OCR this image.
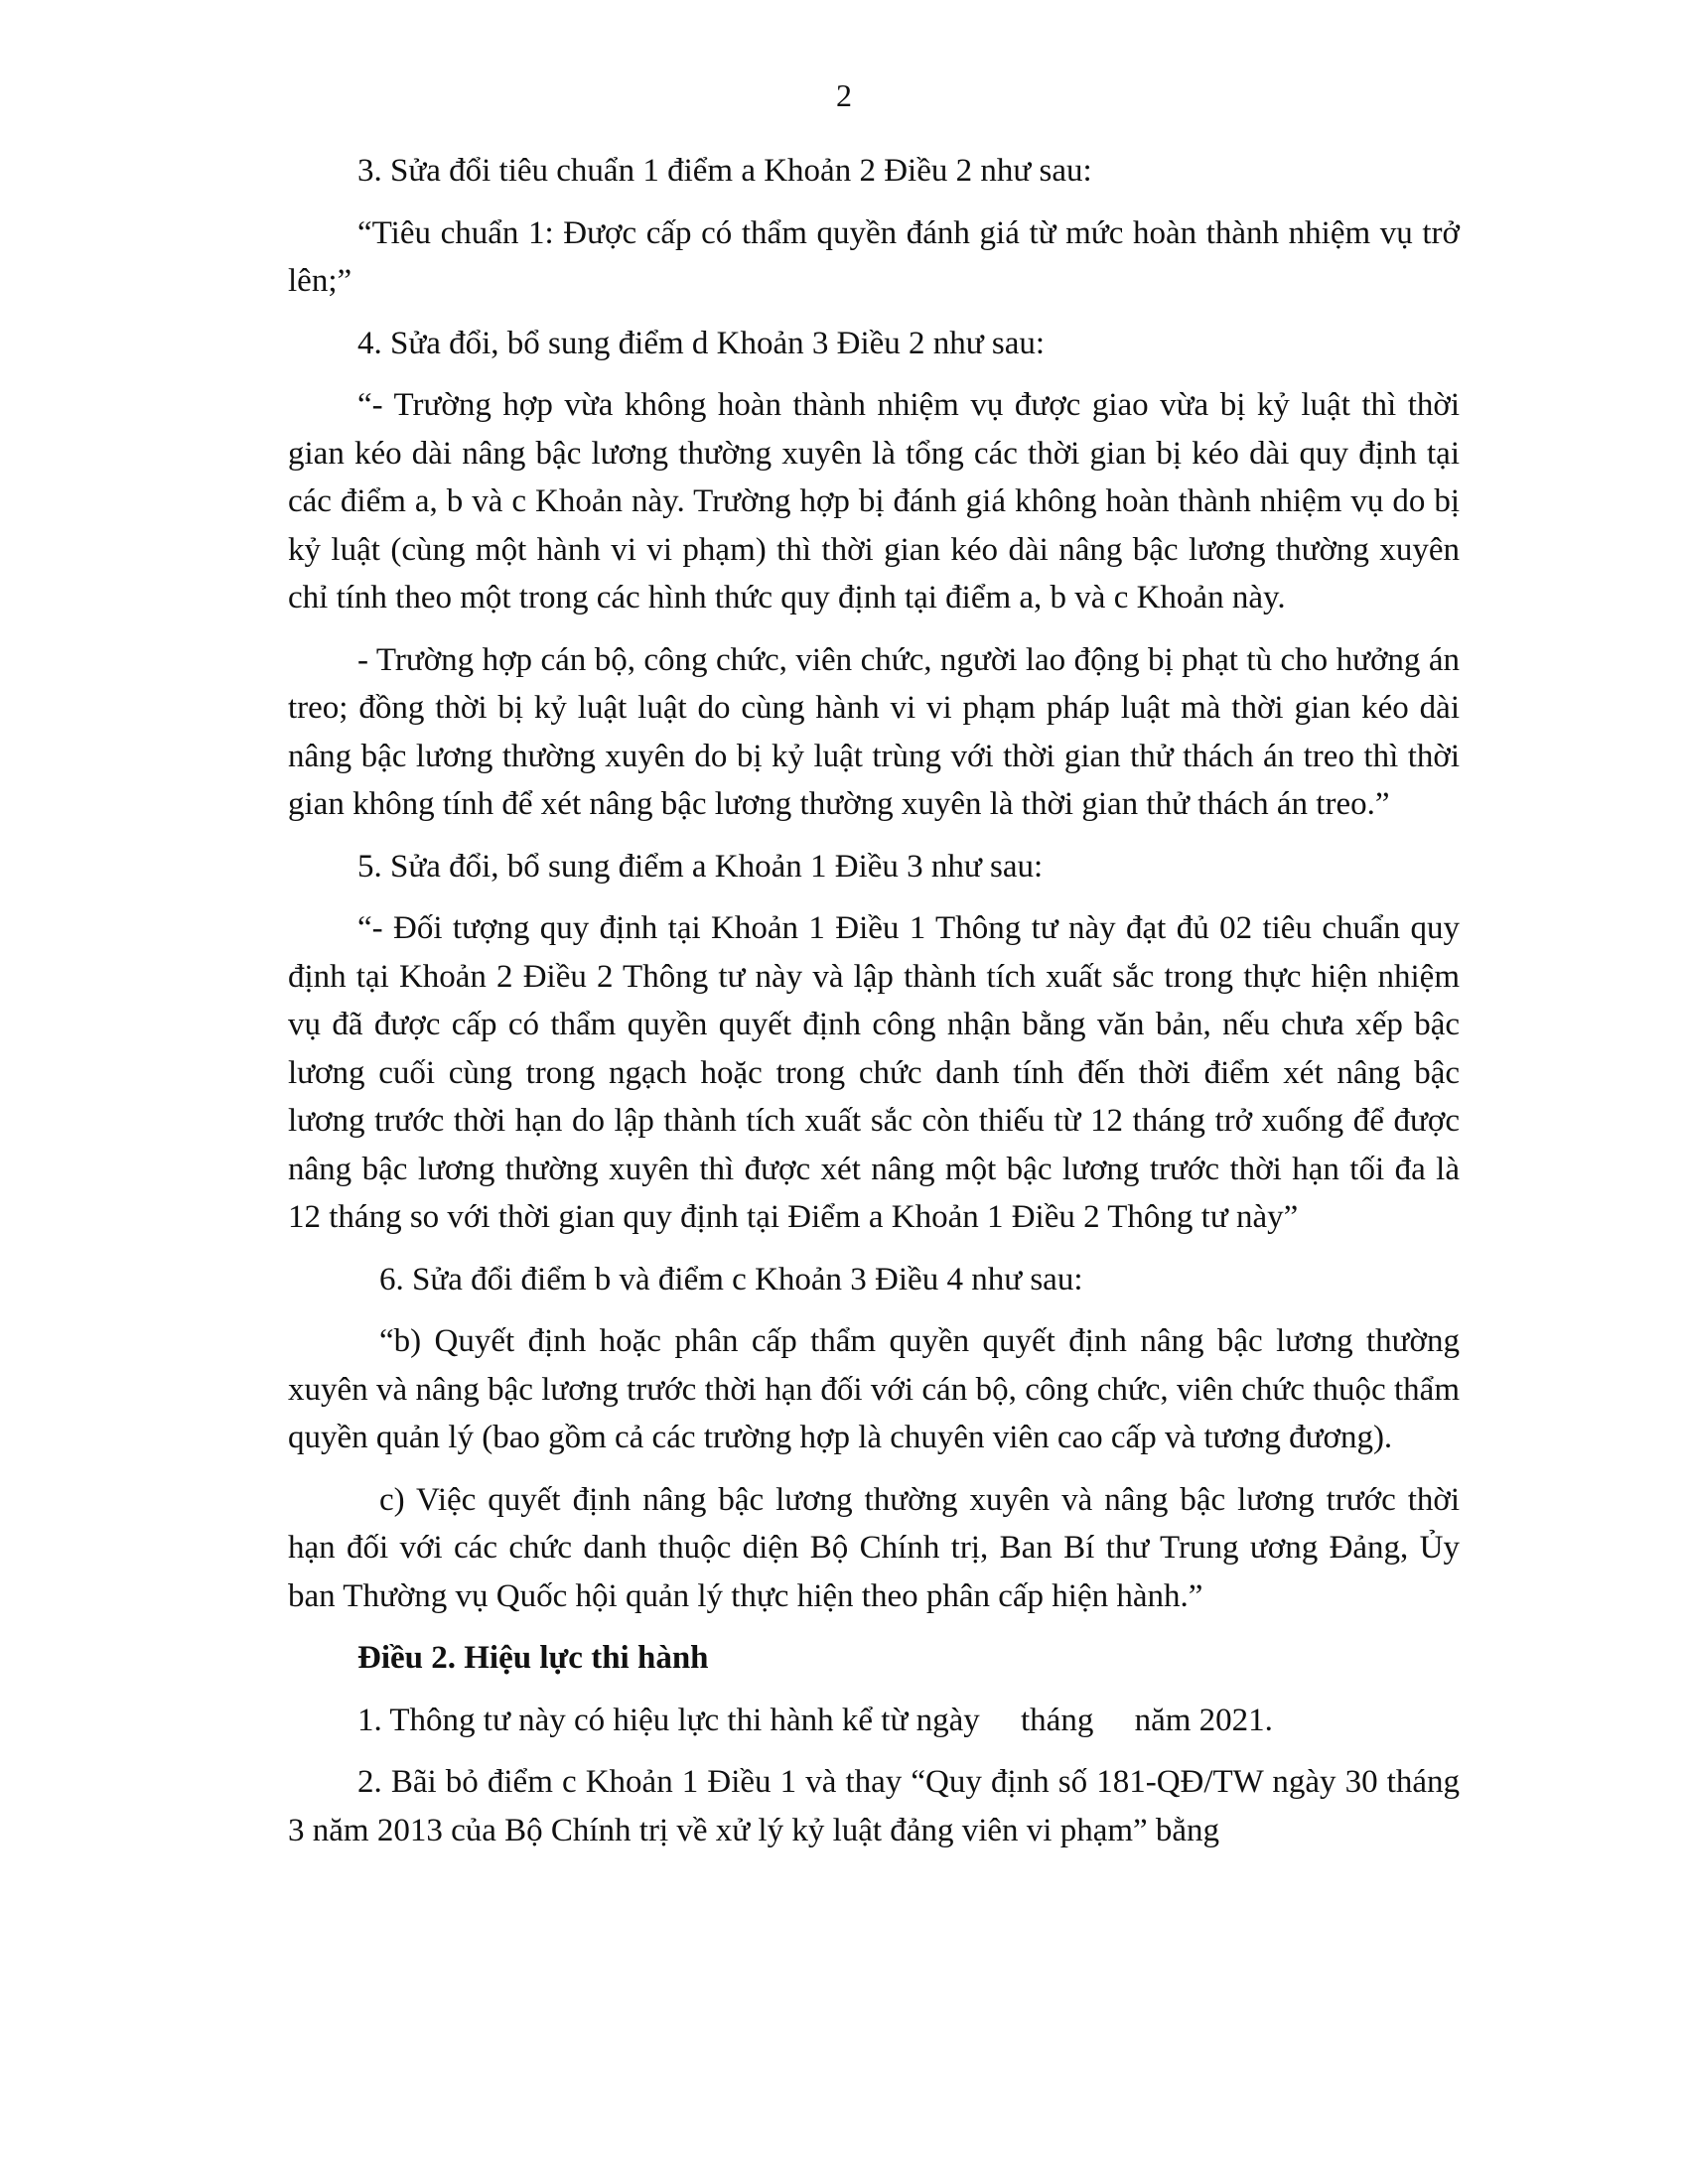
2

3. Sửa đổi tiêu chuẩn 1 điểm a Khoản 2 Điều 2 như sau:

“Tiêu chuẩn 1: Được cấp có thẩm quyền đánh giá từ mức hoàn thành nhiệm vụ trở lên;”

4. Sửa đổi, bổ sung điểm d Khoản 3 Điều 2 như sau:

“- Trường hợp vừa không hoàn thành nhiệm vụ được giao vừa bị kỷ luật thì thời gian kéo dài nâng bậc lương thường xuyên là tổng các thời gian bị kéo dài quy định tại các điểm a, b và c Khoản này. Trường hợp bị đánh giá không hoàn thành nhiệm vụ do bị kỷ luật (cùng một hành vi vi phạm) thì thời gian kéo dài nâng bậc lương thường xuyên chỉ tính theo một trong các hình thức quy định tại điểm a, b và c Khoản này.

- Trường hợp cán bộ, công chức, viên chức, người lao động bị phạt tù cho hưởng án treo; đồng thời bị kỷ luật luật do cùng hành vi vi phạm pháp luật mà thời gian kéo dài nâng bậc lương thường xuyên do bị kỷ luật trùng với thời gian thử thách án treo thì thời gian không tính để xét nâng bậc lương thường xuyên là thời gian thử thách án treo.”

5. Sửa đổi, bổ sung điểm a Khoản 1 Điều 3 như sau:

“- Đối tượng quy định tại Khoản 1 Điều 1 Thông tư này đạt đủ 02 tiêu chuẩn quy định tại Khoản 2 Điều 2 Thông tư này và lập thành tích xuất sắc trong thực hiện nhiệm vụ đã được cấp có thẩm quyền quyết định công nhận bằng văn bản, nếu chưa xếp bậc lương cuối cùng trong ngạch hoặc trong chức danh tính đến thời điểm xét nâng bậc lương trước thời hạn do lập thành tích xuất sắc còn thiếu từ 12 tháng trở xuống để được nâng bậc lương thường xuyên thì được xét nâng một bậc lương trước thời hạn tối đa là 12 tháng so với thời gian quy định tại Điểm a Khoản 1 Điều 2 Thông tư này”

6. Sửa đổi điểm b và điểm c Khoản 3 Điều 4 như sau:

“b) Quyết định hoặc phân cấp thẩm quyền quyết định nâng bậc lương thường xuyên và nâng bậc lương trước thời hạn đối với cán bộ, công chức, viên chức thuộc thẩm quyền quản lý (bao gồm cả các trường hợp là chuyên viên cao cấp và tương đương).

c) Việc quyết định nâng bậc lương thường xuyên và nâng bậc lương trước thời hạn đối với các chức danh thuộc diện Bộ Chính trị, Ban Bí thư Trung ương Đảng, Ủy ban Thường vụ Quốc hội quản lý thực hiện theo phân cấp hiện hành.”

Điều 2. Hiệu lực thi hành

1. Thông tư này có hiệu lực thi hành kể từ ngày     tháng     năm 2021.

2. Bãi bỏ điểm c Khoản 1 Điều 1 và thay “Quy định số 181-QĐ/TW ngày 30 tháng 3 năm 2013 của Bộ Chính trị về xử lý kỷ luật đảng viên vi phạm” bằng
